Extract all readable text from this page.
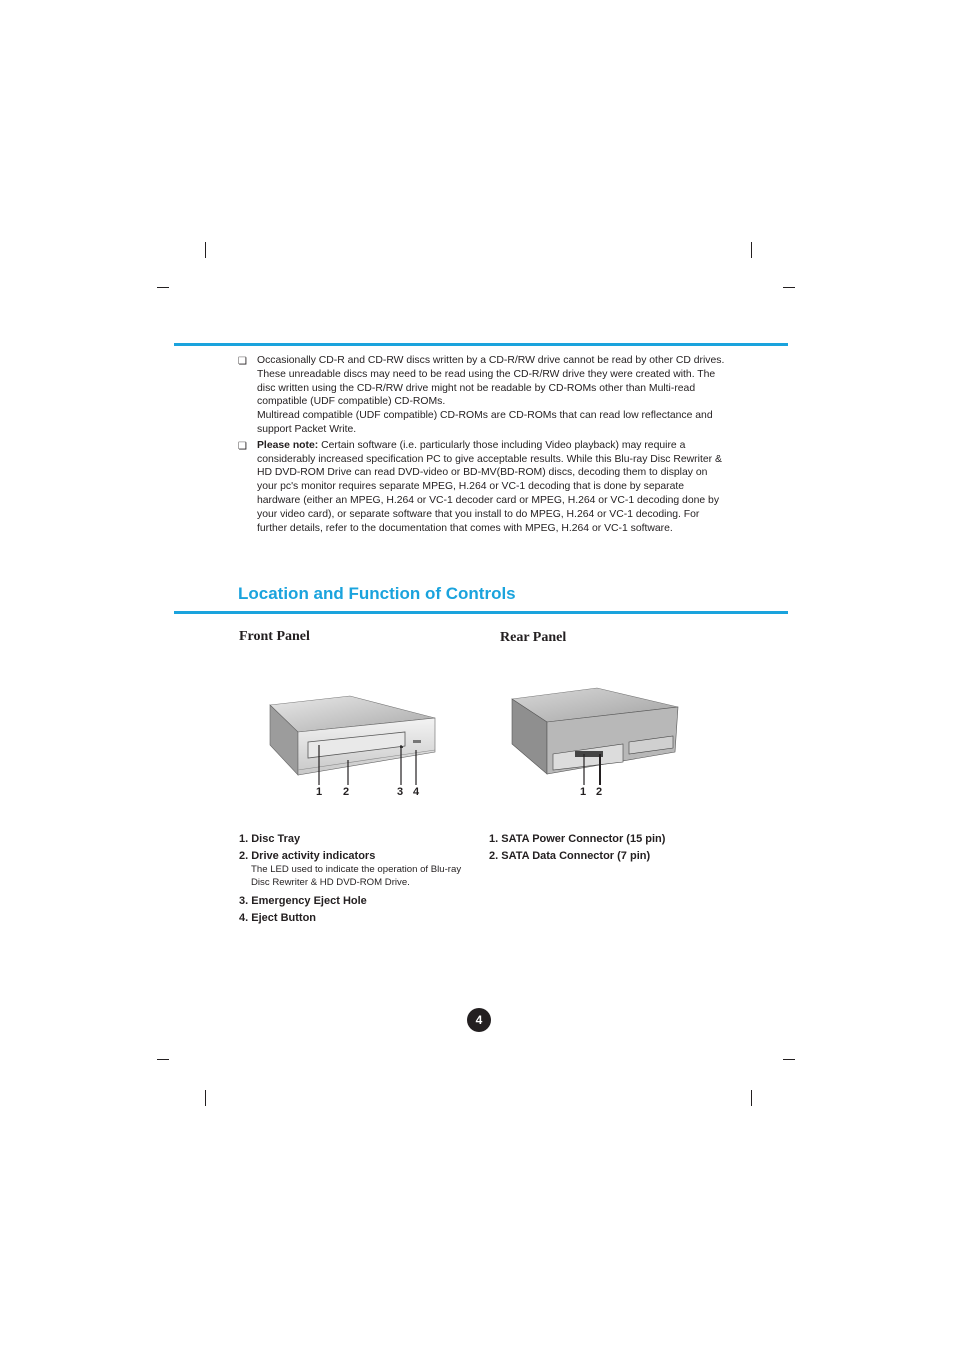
❏ Occasionally CD-R and CD-RW discs written by a CD-R/RW drive cannot be read by other CD drives. These unreadable discs may need to be read using the CD-R/RW drive they were created with. The disc written using the CD-R/RW drive might not be readable by CD-ROMs other than Multi-read compatible (UDF compatible) CD-ROMs.
Multiread compatible (UDF compatible) CD-ROMs are CD-ROMs that can read low reflectance and support Packet Write.
❏ Please note: Certain software (i.e. particularly those including Video playback) may require a considerably increased specification PC to give acceptable results. While this Blu-ray Disc Rewriter & HD DVD-ROM Drive can read DVD-video or BD-MV(BD-ROM) discs, decoding them to display on your pc's monitor requires separate MPEG, H.264 or VC-1 decoding that is done by separate hardware (either an MPEG, H.264 or VC-1 decoder card or MPEG, H.264 or VC-1 decoding done by your video card), or separate software that you install to do MPEG, H.264 or VC-1 decoding. For further details, refer to the documentation that comes with MPEG, H.264 or VC-1 software.
Location and Function of Controls
Front Panel	Rear Panel
1 2	3 4	1 2
1. Disc Tray
2. Drive activity indicators
The LED used to indicate the operation of Blu-ray Disc Rewriter & HD DVD-ROM Drive.
3. Emergency Eject Hole
4. Eject Button
1. SATA Power Connector (15 pin)
2. SATA Data Connector (7 pin)
4
